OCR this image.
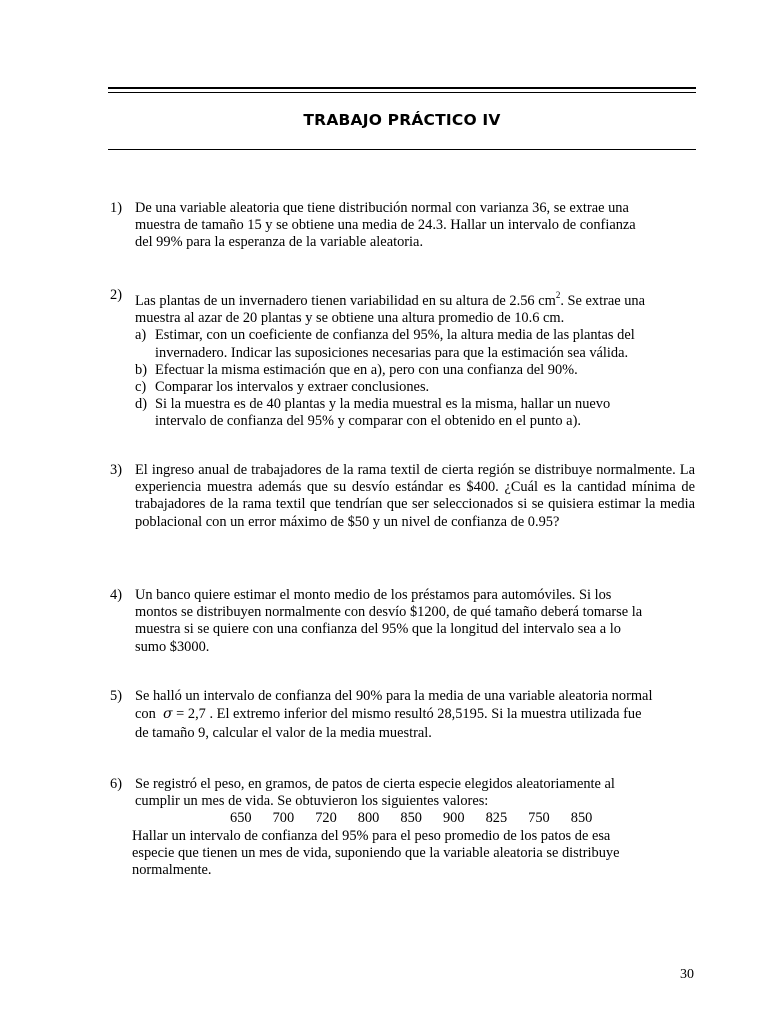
TRABAJO PRÁCTICO IV
1) De una variable aleatoria que tiene distribución normal con varianza 36, se extrae una
muestra de tamaño 15 y se obtiene una media de 24.3. Hallar un intervalo de confianza
del 99% para la esperanza de la variable aleatoria.
2) Las plantas de un invernadero tienen variabilidad en su altura de 2.56 $cm^2$. Se extrae una
muestra al azar de 20 plantas y se obtiene una altura promedio de 10.6 cm.
a) Estimar, con un coeficiente de confianza del 95%, la altura media de las plantas del
invernadero. Indicar las suposiciones necesarias para que la estimación sea válida.
b) Efectuar la misma estimación que en a), pero con una confianza del 90%.
c) Comparar los intervalos y extraer conclusiones.
d) Si la muestra es de 40 plantas y la media muestral es la misma, hallar un nuevo
intervalo de confianza del 95% y comparar con el obtenido en el punto a).
3) El ingreso anual de trabajadores de la rama textil de cierta región se distribuye normalmente. La experiencia muestra además que su desvío estándar es $400. ¿Cuál es la cantidad mínima de trabajadores de la rama textil que tendrían que ser seleccionados si se quisiera estimar la media poblacional con un error máximo de $50 y un nivel de confianza de 0.95?
4) Un banco quiere estimar el monto medio de los préstamos para automóviles. Si los
montos se distribuyen normalmente con desvío $1200, de qué tamaño deberá tomarse la
muestra si se quiere con una confianza del 95% que la longitud del intervalo sea a lo
sumo $3000.
5) Se halló un intervalo de confianza del 90% para la media de una variable aleatoria normal
con σ = 2,7 . El extremo inferior del mismo resultó 28,5195. Si la muestra utilizada fue
de tamaño 9, calcular el valor de la media muestral.
6) Se registró el peso, en gramos, de patos de cierta especie elegidos aleatoriamente al
cumplir un mes de vida. Se obtuvieron los siguientes valores:
650 700 720 800 850 900 825 750 850
Hallar un intervalo de confianza del 95% para el peso promedio de los patos de esa
especie que tienen un mes de vida, suponiendo que la variable aleatoria se distribuye
normalmente.
30
